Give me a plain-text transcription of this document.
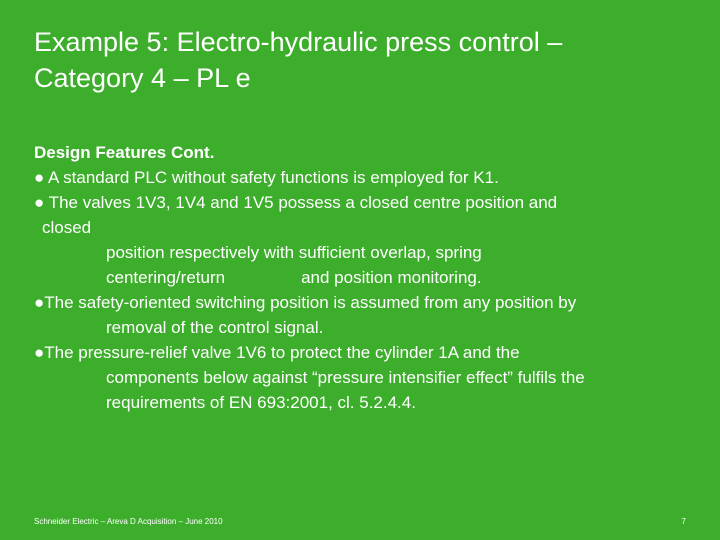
Example 5: Electro-hydraulic press control –
Category 4 – PL e
Design Features Cont.
● A standard PLC without safety functions is employed for K1.
● The valves 1V3, 1V4 and 1V5 possess a closed centre position and
closed
position respectively with sufficient overlap, spring
centering/return	and position monitoring.
●The safety-oriented switching position is assumed from any position by
removal of the control signal.
●The pressure-relief valve 1V6 to protect the cylinder 1A and the
components below against “pressure intensifier effect” fulfils the
requirements of EN 693:2001, cl. 5.2.4.4.
Schneider Electric – Areva D Acquisition – June 2010	7
